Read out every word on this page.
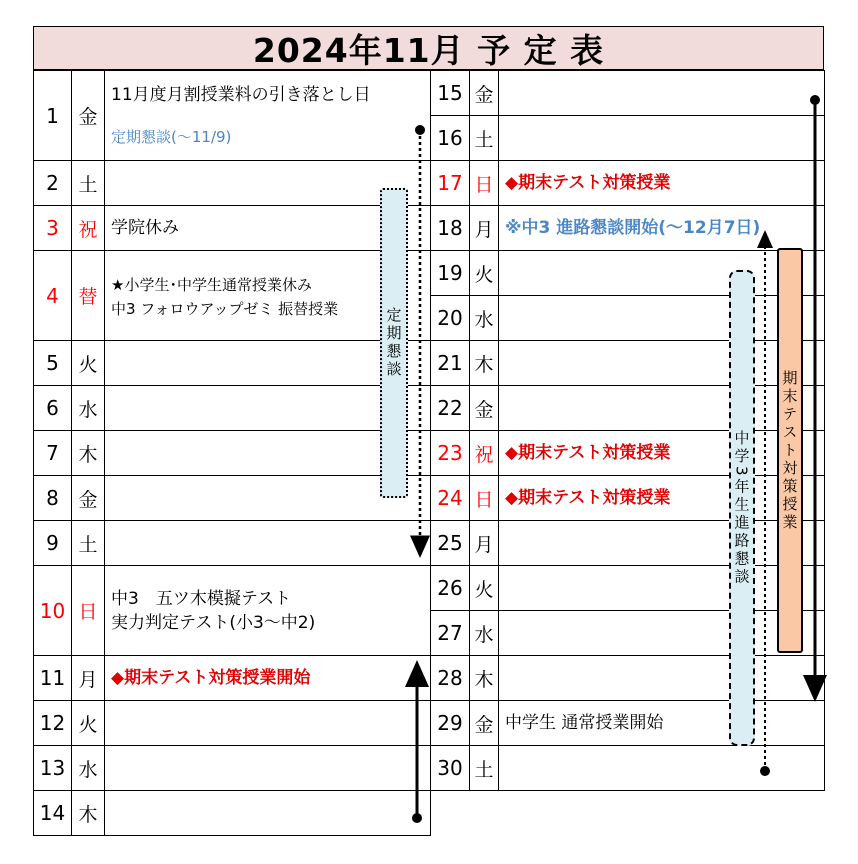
2024年11月 予 定 表
1	金	11月度月割授業料の引き落とし日
定期懇談(～11/9)

2	土	
3	祝	学院休み
4	替	★小学生･中学生通常授業休み
中3 フォロウアップゼミ 振替授業

5	火	
6	水	
7	木	
8	金	
9	土	
10	日	中3　五ツ木模擬テスト
実力判定テスト(小3～中2)

11	月	◆期末テスト対策授業開始
12	火	
13	水	
14	木	
15	金	
16	土	
17	日	◆期末テスト対策授業
18	月	※中3 進路懇談開始(～12月7日)
19	火	
20	水	
21	木	
22	金	
23	祝	◆期末テスト対策授業
24	日	◆期末テスト対策授業
25	月	
26	火	
27	水	
28	木	
29	金	中学生 通常授業開始
30	土	
定期懇談
中学3年生進路懇談	期末テスト対策授業
